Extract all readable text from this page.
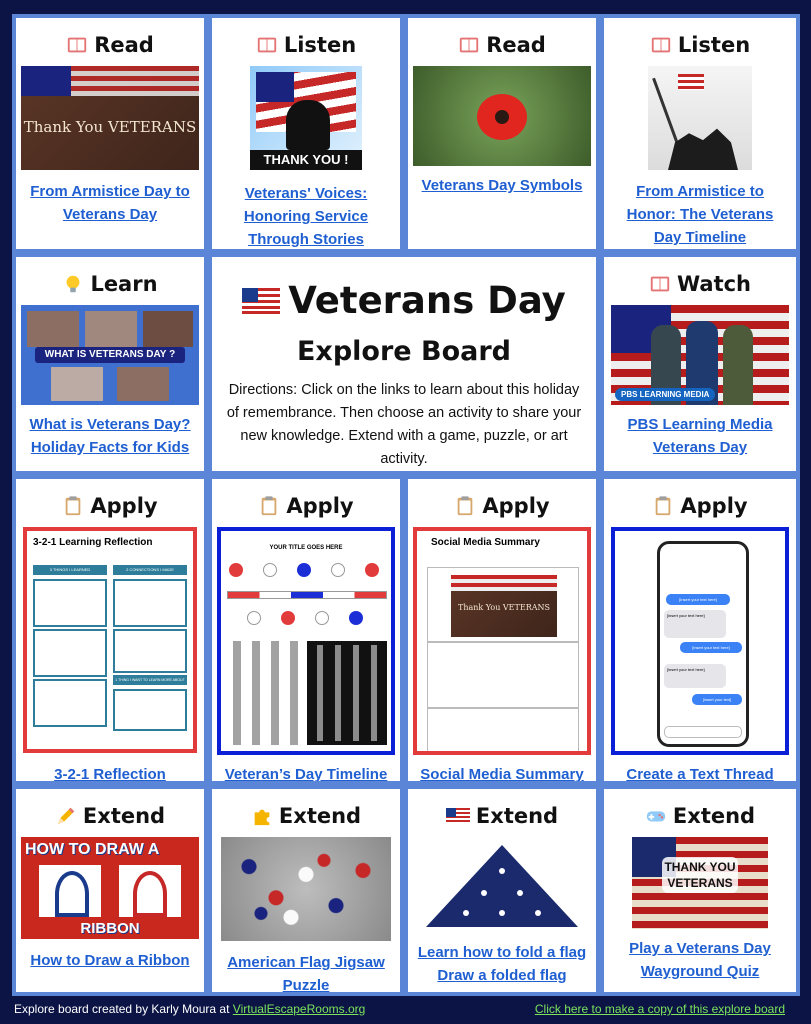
Read
Thank You VETERANS
From Armistice Day to Veterans Day
Listen
THANK YOU !
Veterans' Voices: Honoring Service Through Stories
Read
Veterans Day Symbols
Listen
From Armistice to Honor: The Veterans Day Timeline
Learn
WHAT IS VETERANS DAY ?
What is Veterans Day? Holiday Facts for Kids
Veterans Day
Explore Board
Directions: Click on the links to learn about this holiday of remembrance. Then choose an activity to share your new knowledge. Extend with a game, puzzle, or art activity.
Watch
PBS LEARNING MEDIA
PBS Learning Media Veterans Day
Apply
3-2-1 Learning Reflection
3 THINGS I LEARNED	2 CONNECTIONS I MADE
1 THING I WANT TO LEARN MORE ABOUT
3-2-1 Reflection
Apply
YOUR TITLE GOES HERE
Veteran’s Day Timeline
Apply
Social Media Summary
Thank You VETERANS
Social Media Summary
Apply
[Insert your text here]
[insert your text here]
[insert your text here]
[insert your text here]
[insert your text]
Create a Text Thread
Extend
HOW TO DRAW A
RIBBON
How to Draw a Ribbon
Extend
American Flag Jigsaw Puzzle
Extend
Learn how to fold a flag
Draw a folded flag
Extend
THANK YOU VETERANS
Play a Veterans Day Wayground Quiz
Explore board created by Karly Moura at VirtualEscapeRooms.org	Click here to make a copy of this explore board
